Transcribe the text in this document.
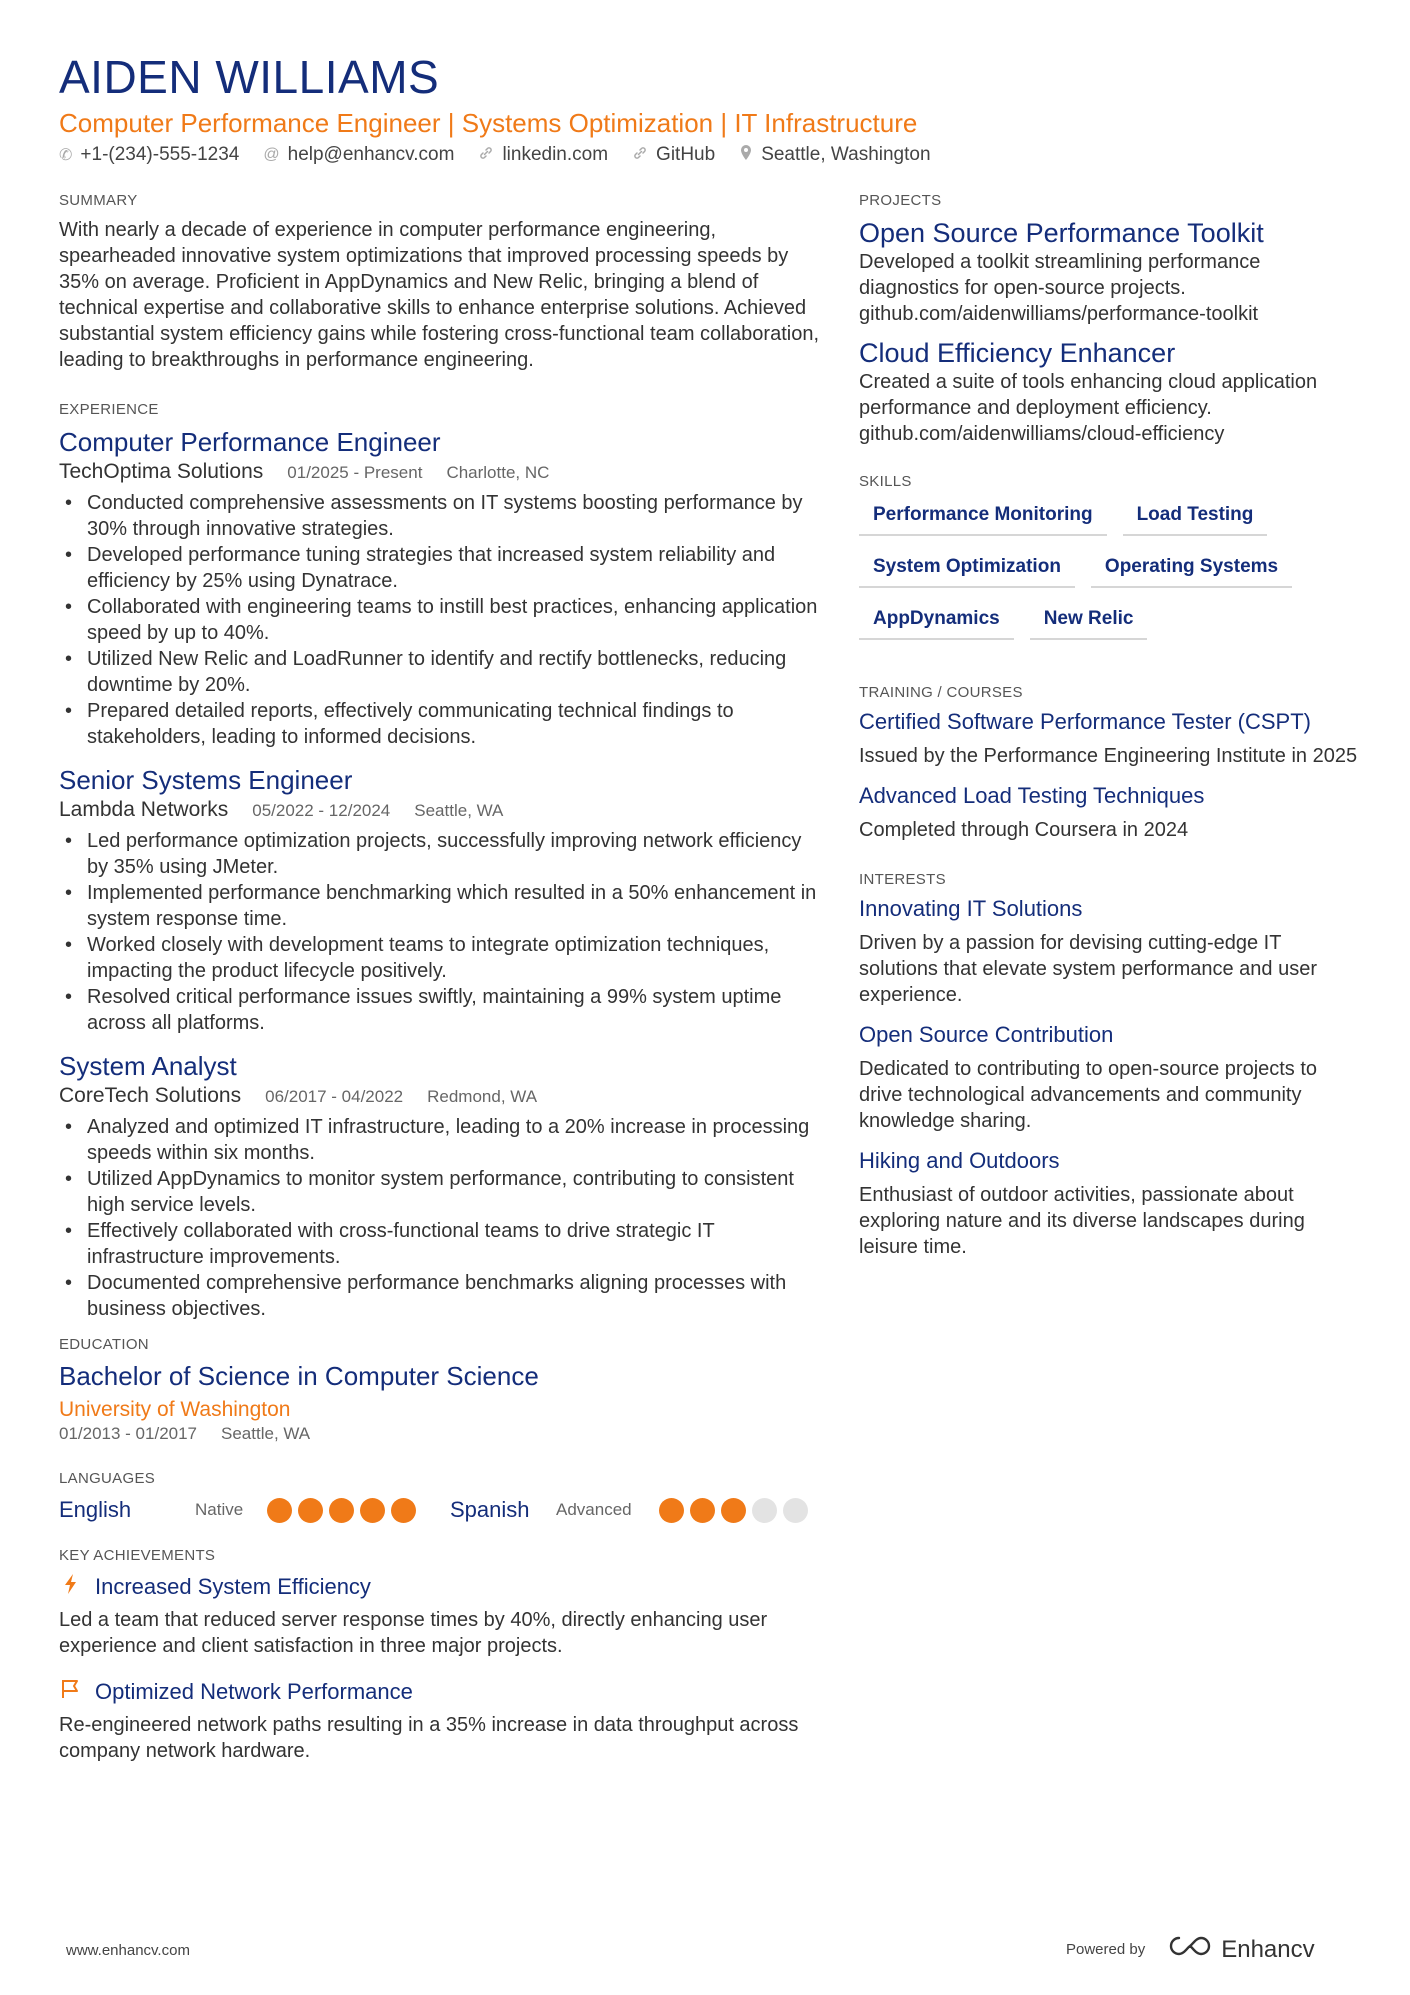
AIDEN WILLIAMS
Computer Performance Engineer | Systems Optimization | IT Infrastructure
✆ +1-(234)-555-1234 @ help@enhancv.com	linkedin.com	GitHub Seattle, Washington
SUMMARY

With nearly a decade of experience in computer performance engineering, spearheaded innovative system optimizations that improved processing speeds by 35% on average. Proficient in AppDynamics and New Relic, bringing a blend of technical expertise and collaborative skills to enhance enterprise solutions. Achieved substantial system efficiency gains while fostering cross-functional team collaboration, leading to breakthroughs in performance engineering.

EXPERIENCE
Computer Performance Engineer
TechOptima Solutions 01/2025 - Present Charlotte, NC
• Conducted comprehensive assessments on IT systems boosting performance by 30% through innovative strategies.
• Developed performance tuning strategies that increased system reliability and efficiency by 25% using Dynatrace.
• Collaborated with engineering teams to instill best practices, enhancing application speed by up to 40%.
• Utilized New Relic and LoadRunner to identify and rectify bottlenecks, reducing downtime by 20%.
• Prepared detailed reports, effectively communicating technical findings to stakeholders, leading to informed decisions.
Senior Systems Engineer
Lambda Networks 05/2022 - 12/2024 Seattle, WA
• Led performance optimization projects, successfully improving network efficiency by 35% using JMeter.
• Implemented performance benchmarking which resulted in a 50% enhancement in system response time.
• Worked closely with development teams to integrate optimization techniques, impacting the product lifecycle positively.
• Resolved critical performance issues swiftly, maintaining a 99% system uptime across all platforms.
System Analyst
CoreTech Solutions 06/2017 - 04/2022 Redmond, WA
• Analyzed and optimized IT infrastructure, leading to a 20% increase in processing speeds within six months.
• Utilized AppDynamics to monitor system performance, contributing to consistent high service levels.
• Effectively collaborated with cross-functional teams to drive strategic IT infrastructure improvements.
• Documented comprehensive performance benchmarks aligning processes with business objectives.
EDUCATION
Bachelor of Science in Computer Science
University of Washington
01/2013 - 01/2017 Seattle, WA
LANGUAGES
English	Native	Spanish	Advanced
KEY ACHIEVEMENTS
Increased System Efficiency

Led a team that reduced server response times by 40%, directly enhancing user experience and client satisfaction in three major projects.

Optimized Network Performance

Re-engineered network paths resulting in a 35% increase in data throughput across company network hardware.

PROJECTS
Open Source Performance Toolkit

Developed a toolkit streamlining performance diagnostics for open-source projects. github.com/aidenwilliams/performance-toolkit

Cloud Efficiency Enhancer

Created a suite of tools enhancing cloud application performance and deployment efficiency. github.com/aidenwilliams/cloud-efficiency

SKILLS
Performance Monitoring	Load Testing
System Optimization	Operating Systems
AppDynamics	New Relic
TRAINING / COURSES
Certified Software Performance Tester (CSPT)

Issued by the Performance Engineering Institute in 2025

Advanced Load Testing Techniques

Completed through Coursera in 2024

INTERESTS
Innovating IT Solutions

Driven by a passion for devising cutting-edge IT solutions that elevate system performance and user experience.

Open Source Contribution

Dedicated to contributing to open-source projects to drive technological advancements and community knowledge sharing.

Hiking and Outdoors

Enthusiast of outdoor activities, passionate about exploring nature and its diverse landscapes during leisure time.

www.enhancv.com	Powered by	Enhancv
